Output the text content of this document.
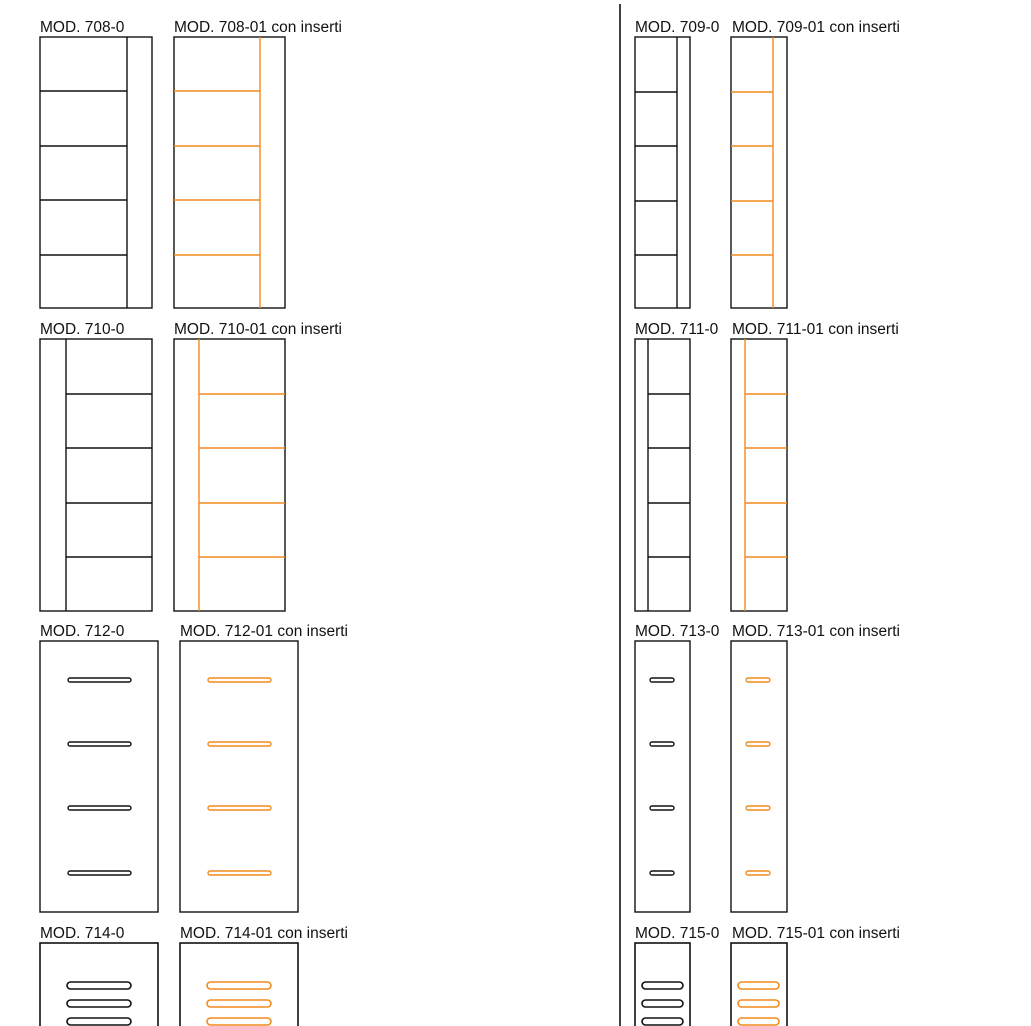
MOD. 708-0	MOD. 708-01 con inserti	MOD. 709-0 MOD. 709-01 con inserti
MOD. 710-0	MOD. 710-01 con inserti	MOD. 711-0 MOD. 711-01 con inserti
MOD. 712-0	MOD. 712-01 con inserti	MOD. 713-0 MOD. 713-01 con inserti
MOD. 714-0	MOD. 714-01 con inserti	MOD. 715-0 MOD. 715-01 con inserti
